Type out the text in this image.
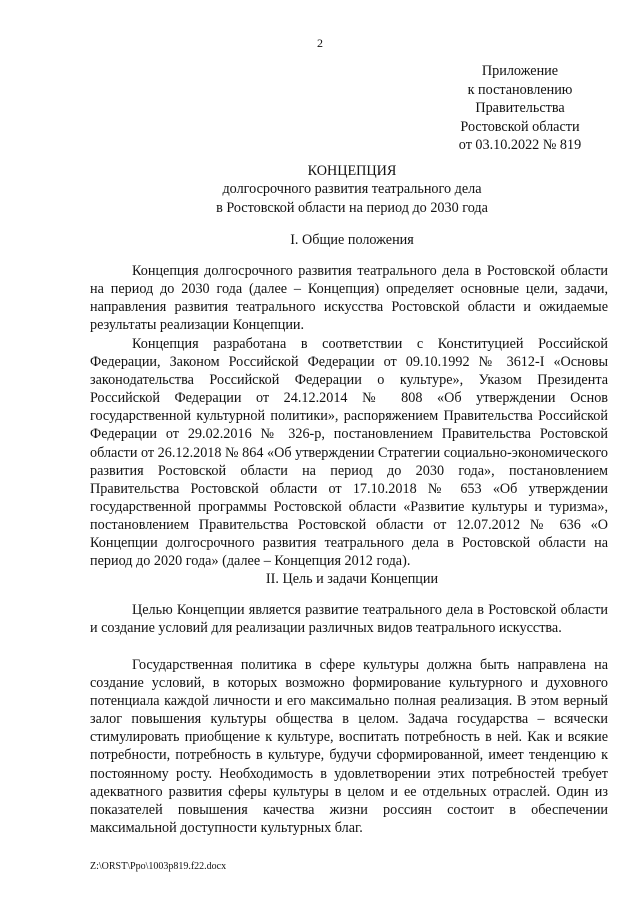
2
Приложение
к постановлению
Правительства
Ростовской области
от 03.10.2022 № 819
КОНЦЕПЦИЯ
долгосрочного развития театрального дела
в Ростовской области на период до 2030 года
I. Общие положения

Концепция долгосрочного развития театрального дела в Ростовской области на период до 2030 года (далее – Концепция) определяет основные цели, задачи, направления развития театрального искусства Ростовской области и ожидаемые результаты реализации Концепции.

Концепция разработана в соответствии с Конституцией Российской Федерации, Законом Российской Федерации от 09.10.1992 № 3612-I «Основы законодательства Российской Федерации о культуре», Указом Президента Российской Федерации от 24.12.2014 № 808 «Об утверждении Основ государственной культурной политики», распоряжением Правительства Российской Федерации от 29.02.2016 № 326-р, постановлением Правительства Ростовской области от 26.12.2018 № 864 «Об утверждении Стратегии социально-экономического развития Ростовской области на период до 2030 года», постановлением Правительства Ростовской области от 17.10.2018 № 653 «Об утверждении государственной программы Ростовской области «Развитие культуры и туризма», постановлением Правительства Ростовской области от 12.07.2012 № 636 «О Концепции долгосрочного развития театрального дела в Ростовской области на период до 2020 года» (далее – Концепция 2012 года).

II. Цель и задачи Концепции

Целью Концепции является развитие театрального дела в Ростовской области и создание условий для реализации различных видов театрального искусства.

Государственная политика в сфере культуры должна быть направлена на создание условий, в которых возможно формирование культурного и духовного потенциала каждой личности и его максимально полная реализация. В этом верный залог повышения культуры общества в целом. Задача государства – всячески стимулировать приобщение к культуре, воспитать потребность в ней. Как и всякие потребности, потребность в культуре, будучи сформированной, имеет тенденцию к постоянному росту. Необходимость в удовлетворении этих потребностей требует адекватного развития сферы культуры в целом и ее отдельных отраслей. Один из показателей повышения качества жизни россиян состоит в обеспечении максимальной доступности культурных благ.

Z:\ORST\Ppo\1003p819.f22.docx
